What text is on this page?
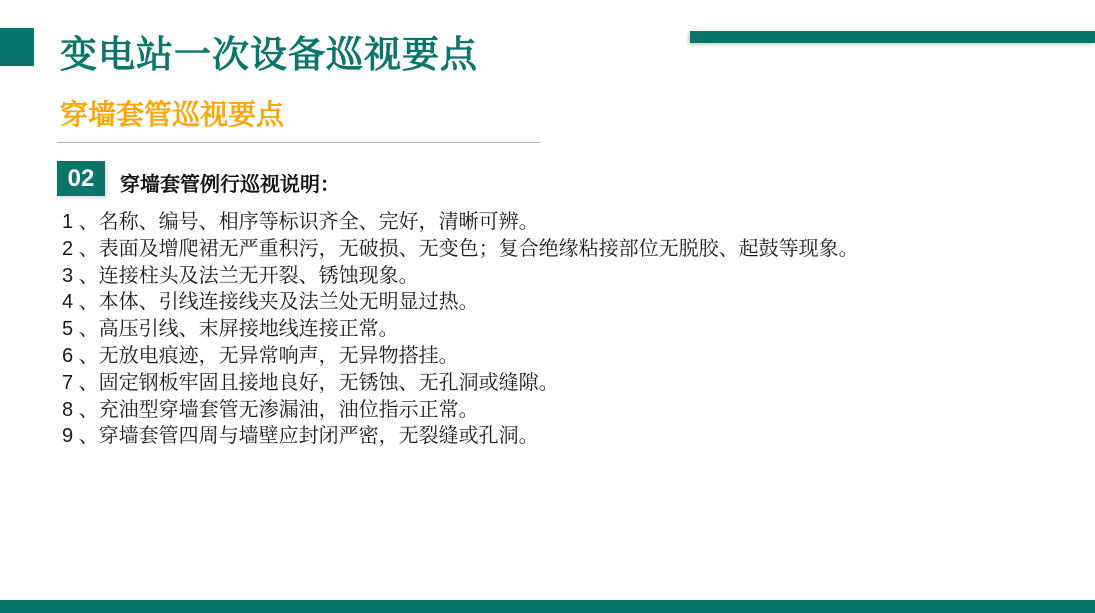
变电站一次设备巡视要点
穿墙套管巡视要点
02	穿墙套管例行巡视说明：
1 、名称、编号、相序等标识齐全、完好，清晰可辨。
2 、表面及增爬裙无严重积污，无破损、无变色；复合绝缘粘接部位无脱胶、起鼓等现象。
3 、连接柱头及法兰无开裂、锈蚀现象。
4 、本体、引线连接线夹及法兰处无明显过热。
5 、高压引线、末屏接地线连接正常。
6 、无放电痕迹，无异常响声，无异物搭挂。
7 、固定钢板牢固且接地良好，无锈蚀、无孔洞或缝隙。
8 、充油型穿墙套管无渗漏油，油位指示正常。
9 、穿墙套管四周与墙壁应封闭严密，无裂缝或孔洞。
